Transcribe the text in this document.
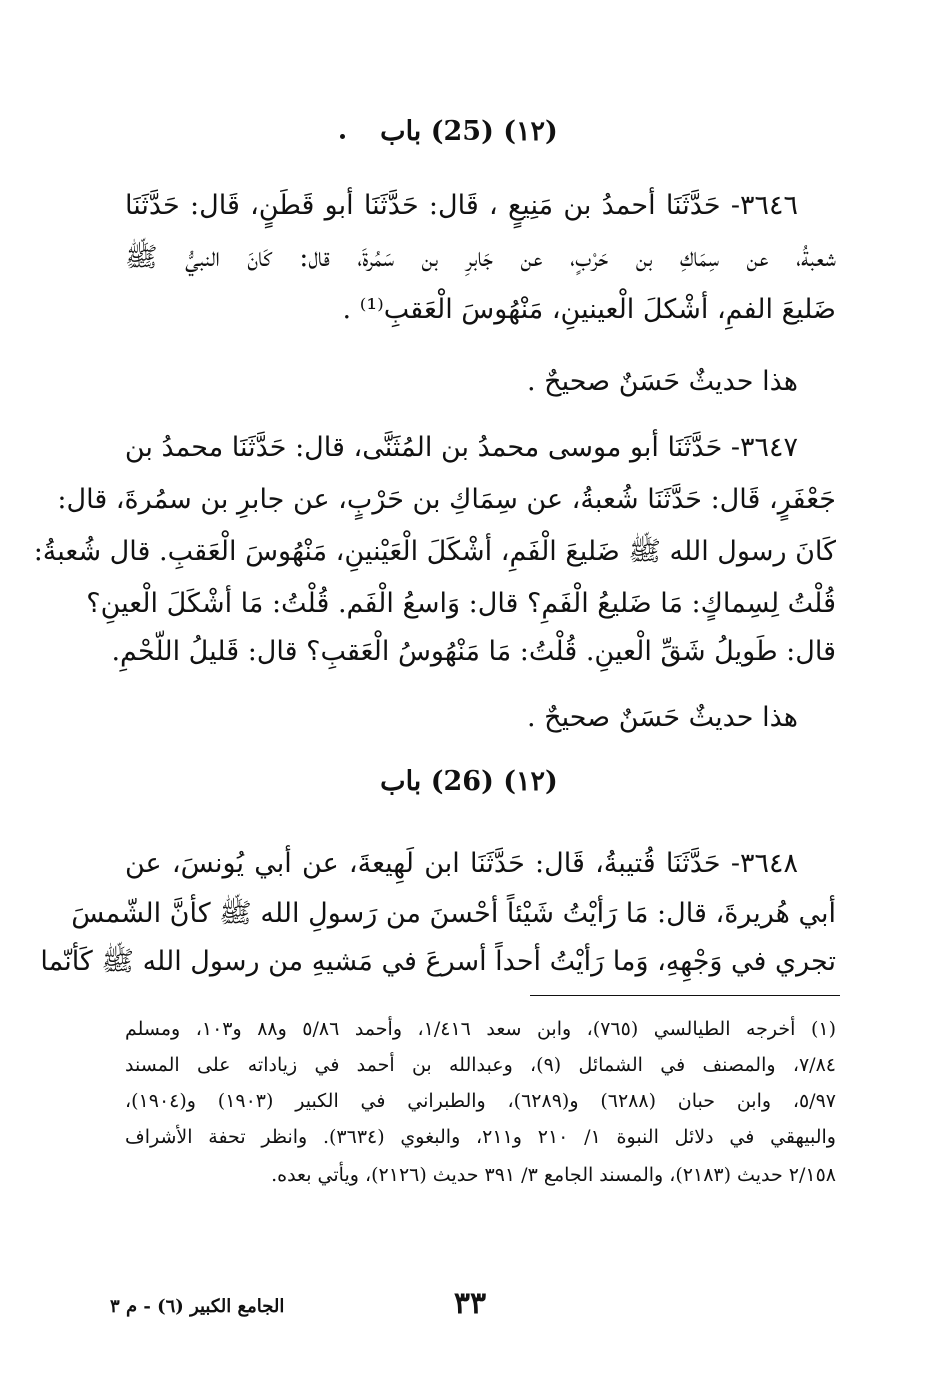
(١٢) (25) باب
٣٦٤٦- حَدَّثَنَا أحمدُ بن مَنِيعٍ ، قَال: حَدَّثَنَا أبو قَطَنٍ، قَال: حَدَّثَنَا
شعبةُ، عن سِمَاكِ بن حَرْبٍ، عن جَابرِ بن سَمُرةَ، قال: كَانَ النبيُّ ﷺ
ضَليعَ الفمِ، أشْكلَ الْعينينِ، مَنْهُوسَ الْعَقبِ⁽¹⁾ .
هذا حديثٌ حَسَنٌ صحيحٌ .
٣٦٤٧- حَدَّثَنَا أبو موسى محمدُ بن المُثَنَّى، قال: حَدَّثَنَا محمدُ بن
جَعْفَرٍ، قَال: حَدَّثَنَا شُعبةُ، عن سِمَاكِ بن حَرْبٍ، عن جابرِ بن سمُرةَ، قال:
كَانَ رسول الله ﷺ ضَليعَ الْفَمِ، أشْكَلَ الْعَيْنينِ، مَنْهُوسَ الْعَقبِ. قال شُعبةُ:
قُلْتُ لِسِماكٍ: مَا ضَليعُ الْفَمِ؟ قال: وَاسعُ الْفَم. قُلْتُ: مَا أشْكَلَ الْعينِ؟
قال: طَويلُ شَقِّ الْعينِ. قُلْتُ: مَا مَنْهُوسُ الْعَقبِ؟ قال: قَليلُ اللّحْمِ.
هذا حديثٌ حَسَنٌ صحيحٌ .
(١٢) (26) باب
٣٦٤٨- حَدَّثَنَا قُتيبةُ، قَال: حَدَّثَنَا ابن لَهِيعةَ، عن أبي يُونسَ، عن
أبي هُريرةَ، قال: مَا رَأيْتُ شَيْئاً أحْسنَ من رَسولِ الله ﷺ كأنَّ الشّمسَ
تجري في وَجْهِهِ، وَما رَأيْتُ أحداً أسرعَ في مَشيهِ من رسول الله ﷺ كَأنّما
(١) أخرجه الطيالسي (٧٦٥)، وابن سعد ١/٤١٦، وأحمد ٥/٨٦ و٨٨ و١٠٣، ومسلم
٧/٨٤، والمصنف في الشمائل (٩)، وعبدالله بن أحمد في زياداته على المسند
٥/٩٧، وابن حبان (٦٢٨٨) و(٦٢٨٩)، والطبراني في الكبير (١٩٠٣) و(١٩٠٤)،
والبيهقي في دلائل النبوة ١/ ٢١٠ و٢١١، والبغوي (٣٦٣٤). وانظر تحفة الأشراف
٢/١٥٨ حديث (٢١٨٣)، والمسند الجامع ٣/ ٣٩١ حديث (٢١٢٦)، ويأتي بعده.
٣٣
الجامع الكبير (٦) - م ٣
